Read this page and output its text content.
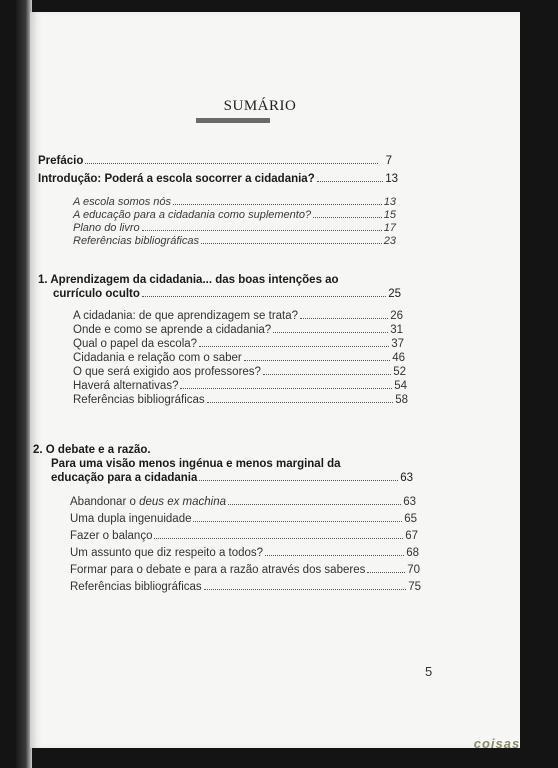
SUMÁRIO
Prefácio	7
Introdução: Poderá a escola socorrer a cidadania?	13
A escola somos nós	13
A educação para a cidadania como suplemento?	15
Plano do livro	17
Referências bibliográficas	23
1. Aprendizagem da cidadania... das boas intenções ao
currículo oculto	25
A cidadania: de que aprendizagem se trata?	26
Onde e como se aprende a cidadania?	31
Qual o papel da escola?	37
Cidadania e relação com o saber	46
O que será exigido aos professores?	52
Haverá alternativas?	54
Referências bibliográficas	58
2. O debate e a razão.
Para uma visão menos ingénua e menos marginal da
educação para a cidadania	63
Abandonar o deus ex machina	63
Uma dupla ingenuidade	65
Fazer o balanço	67
Um assunto que diz respeito a todos?	68
Formar para o debate e para a razão através dos saberes	70
Referências bibliográficas	75
5
coisas
